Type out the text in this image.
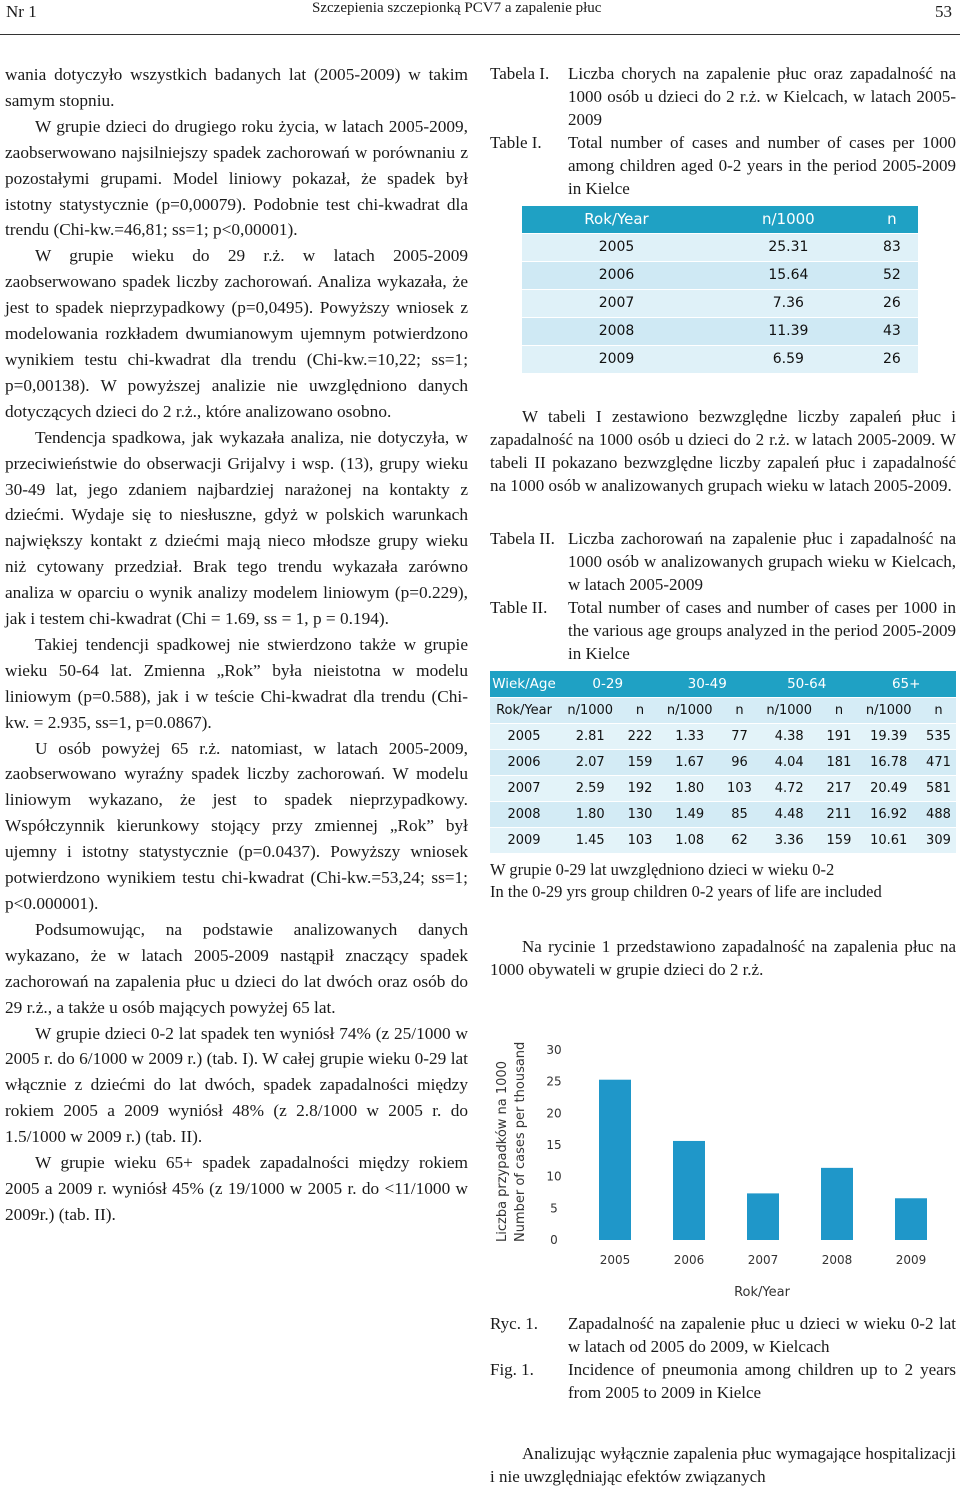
Nr 1	Szczepienia szczepionką PCV7 a zapalenie płuc	53

wania dotyczyło wszystkich badanych lat (2005-2009) w takim samym stopniu.

W grupie dzieci do drugiego roku życia, w latach 2005-2009, zaobserwowano najsilniejszy spadek zachorowań w porównaniu z pozostałymi grupami. Model liniowy pokazał, że spadek był istotny statystycznie (p=0,00079). Podobnie test chi-kwadrat dla trendu (Chi-kw.=46,81; ss=1; p<0,00001).

W grupie wieku do 29 r.ż. w latach 2005-2009 zaobserwowano spadek liczby zachorowań. Analiza wykazała, że jest to spadek nieprzypadkowy (p=0,0495). Powyższy wniosek z modelowania rozkładem dwumianowym ujemnym potwierdzono wynikiem testu chi-kwadrat dla trendu (Chi-kw.=10,22; ss=1; p=0,00138). W powyższej analizie nie uwzględniono danych dotyczących dzieci do 2 r.ż., które analizowano osobno.

Tendencja spadkowa, jak wykazała analiza, nie dotyczyła, w przeciwieństwie do obserwacji Grijalvy i wsp. (13), grupy wieku 30-49 lat, jego zdaniem najbardziej narażonej na kontakty z dziećmi. Wydaje się to niesłuszne, gdyż w polskich warunkach największy kontakt z dziećmi mają nieco młodsze grupy wieku niż cytowany przedział. Brak tego trendu wykazała zarówno analiza w oparciu o wynik analizy modelem liniowym (p=0.229), jak i testem chi-kwadrat (Chi = 1.69, ss = 1, p = 0.194).

Takiej tendencji spadkowej nie stwierdzono także w grupie wieku 50-64 lat. Zmienna „Rok” była nieistotna w modelu liniowym (p=0.588), jak i w teście Chi-kwadrat dla trendu (Chi-kw. = 2.935, ss=1, p=0.0867).

U osób powyżej 65 r.ż. natomiast, w latach 2005-2009, zaobserwowano wyraźny spadek liczby zachorowań. W modelu liniowym wykazano, że jest to spadek nieprzypadkowy. Współczynnik kierunkowy stojący przy zmiennej „Rok” był ujemny i istotny statystycznie (p=0.0437). Powyższy wniosek potwierdzono wynikiem testu chi-kwadrat (Chi-kw.=53,24; ss=1; p<0.000001).

Podsumowując, na podstawie analizowanych danych wykazano, że w latach 2005-2009 nastąpił znaczący spadek zachorowań na zapalenia płuc u dzieci do lat dwóch oraz osób do 29 r.ż., a także u osób mających powyżej 65 lat.

W grupie dzieci 0-2 lat spadek ten wyniósł 74% (z 25/1000 w 2005 r. do 6/1000 w 2009 r.) (tab. I). W całej grupie wieku 0-29 lat włącznie z dziećmi do lat dwóch, spadek zapadalności między rokiem 2005 a 2009 wyniósł 48% (z 2.8/1000 w 2005 r. do 1.5/1000 w 2009 r.) (tab. II).

W grupie wieku 65+ spadek zapadalności między rokiem 2005 a 2009 r. wyniósł 45% (z 19/1000 w 2005 r. do <11/1000 w 2009r.) (tab. II).

Tabela I. Liczba chorych na zapalenie płuc oraz zapadalność na 1000 osób u dzieci do 2 r.ż. w Kielcach, w latach 2005-2009
Table I. Total number of cases and number of cases per 1000 among children aged 0-2 years in the period 2005-2009 in Kielce
Rok/Year	n/1000	n
2005	25.31	83
2006	15.64	52
2007	7.36	26
2008	11.39	43
2009	6.59	26

W tabeli I zestawiono bezwzględne liczby zapaleń płuc i zapadalność na 1000 osób u dzieci do 2 r.ż. w latach 2005-2009. W tabeli II pokazano bezwzględne liczby zapaleń płuc i zapadalność na 1000 osób w analizowanych grupach wieku w latach 2005-2009.

Tabela II. Liczba zachorowań na zapalenie płuc i zapadalność na 1000 osób w analizowanych grupach wieku w Kielcach, w latach 2005-2009
Table II. Total number of cases and number of cases per 1000 in the various age groups analyzed in the period 2005-2009 in Kielce
Wiek/Age	0-29		30-49		50-64		65+	
Rok/Year	n/1000	n	n/1000	n	n/1000	n	n/1000	n
2005	2.81	222	1.33	77	4.38	191	19.39	535
2006	2.07	159	1.67	96	4.04	181	16.78	471
2007	2.59	192	1.80	103	4.72	217	20.49	581
2008	1.80	130	1.49	85	4.48	211	16.92	488
2009	1.45	103	1.08	62	3.36	159	10.61	309

W grupie 0-29 lat uwzględniono dzieci w wieku 0-2

In the 0-29 yrs group children 0-2 years of life are included

Na rycinie 1 przedstawiono zapadalność na zapalenia płuc na 1000 obywateli w grupie dzieci do 2 r.ż.

Liczba przypadków na 1000 Number of cases per thousand 0
5
10
15
20
25
30
2005	2006	2007	2008	2009
Rok/Year
Ryc. 1. Zapadalność na zapalenie płuc u dzieci w wieku 0-2 lat w latach od 2005 do 2009, w Kielcach
Fig. 1. Incidence of pneumonia among children up to 2 years from 2005 to 2009 in Kielce

Analizując wyłącznie zapalenia płuc wymagające hospitalizacji i nie uwzględniając efektów związanych
